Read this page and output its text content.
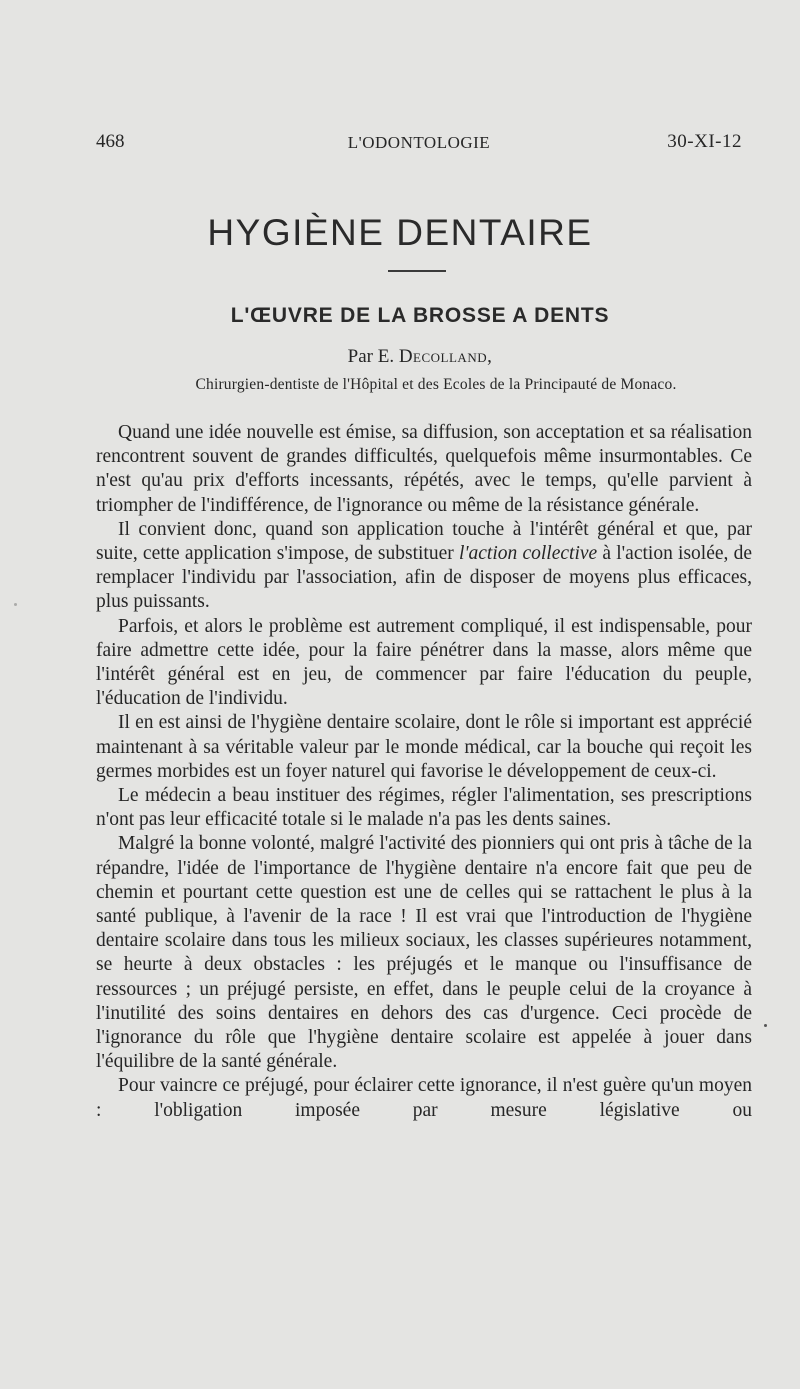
468	L'ODONTOLOGIE	30-XI-12
HYGIÈNE DENTAIRE
L'ŒUVRE DE LA BROSSE A DENTS
Par E. Decolland,
Chirurgien-dentiste de l'Hôpital et des Ecoles de la Principauté de Monaco.

Quand une idée nouvelle est émise, sa diffusion, son acceptation et sa réalisation rencontrent souvent de grandes difficultés, quelquefois même insurmontables. Ce n'est qu'au prix d'efforts incessants, répétés, avec le temps, qu'elle parvient à triompher de l'indifférence, de l'ignorance ou même de la résistance générale.

Il convient donc, quand son application touche à l'intérêt général et que, par suite, cette application s'impose, de substituer l'action collective à l'action isolée, de remplacer l'individu par l'association, afin de disposer de moyens plus efficaces, plus puissants.

Parfois, et alors le problème est autrement compliqué, il est indispensable, pour faire admettre cette idée, pour la faire pénétrer dans la masse, alors même que l'intérêt général est en jeu, de commencer par faire l'éducation du peuple, l'éducation de l'individu.

Il en est ainsi de l'hygiène dentaire scolaire, dont le rôle si important est apprécié maintenant à sa véritable valeur par le monde médical, car la bouche qui reçoit les germes morbides est un foyer naturel qui favorise le développement de ceux-ci.

Le médecin a beau instituer des régimes, régler l'alimentation, ses prescriptions n'ont pas leur efficacité totale si le malade n'a pas les dents saines.

Malgré la bonne volonté, malgré l'activité des pionniers qui ont pris à tâche de la répandre, l'idée de l'importance de l'hygiène dentaire n'a encore fait que peu de chemin et pourtant cette question est une de celles qui se rattachent le plus à la santé publique, à l'avenir de la race ! Il est vrai que l'introduction de l'hygiène dentaire scolaire dans tous les milieux sociaux, les classes supérieures notamment, se heurte à deux obstacles : les préjugés et le manque ou l'insuffisance de ressources ; un préjugé persiste, en effet, dans le peuple celui de la croyance à l'inutilité des soins dentaires en dehors des cas d'urgence. Ceci procède de l'ignorance du rôle que l'hygiène dentaire scolaire est appelée à jouer dans l'équilibre de la santé générale.

Pour vaincre ce préjugé, pour éclairer cette ignorance, il n'est guère qu'un moyen : l'obligation imposée par mesure législative ou
